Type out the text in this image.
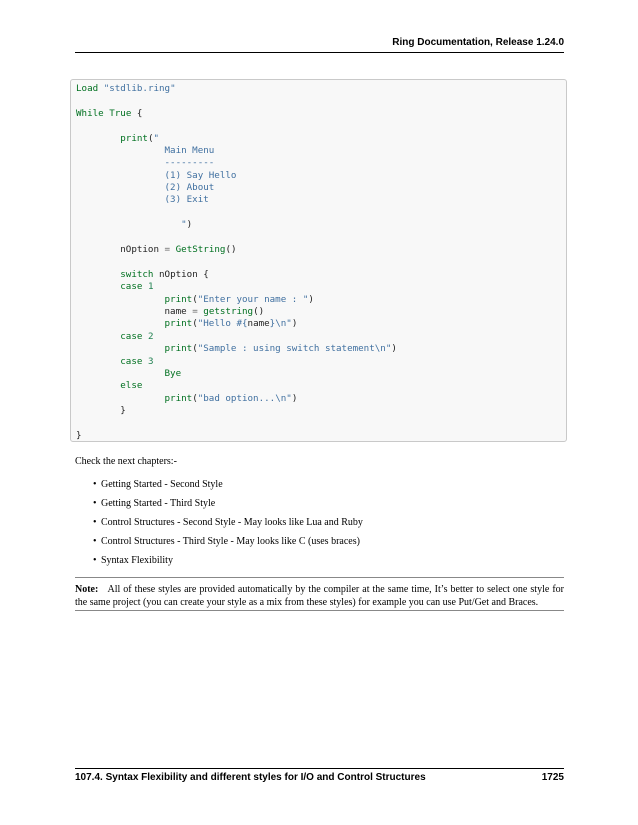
Ring Documentation, Release 1.24.0
Load "stdlib.ring"
While True {
print("
Main Menu
---------
(1) Say Hello
(2) About
(3) Exit
")
nOption = GetString()
switch nOption {
case 1
print("Enter your name : ")
name = getstring()
print("Hello #{name}\n")
case 2
print("Sample : using switch statement\n")
case 3
Bye
else
print("bad option...\n")
}
}
Check the next chapters:-
• Getting Started - Second Style
• Getting Started - Third Style
• Control Structures - Second Style - May looks like Lua and Ruby
• Control Structures - Third Style - May looks like C (uses braces)
• Syntax Flexibility
Note: All of these styles are provided automatically by the compiler at the same time, It’s better to select one style for the same project (you can create your style as a mix from these styles) for example you can use Put/Get and Braces.
107.4. Syntax Flexibility and different styles for I/O and Control Structures	1725
